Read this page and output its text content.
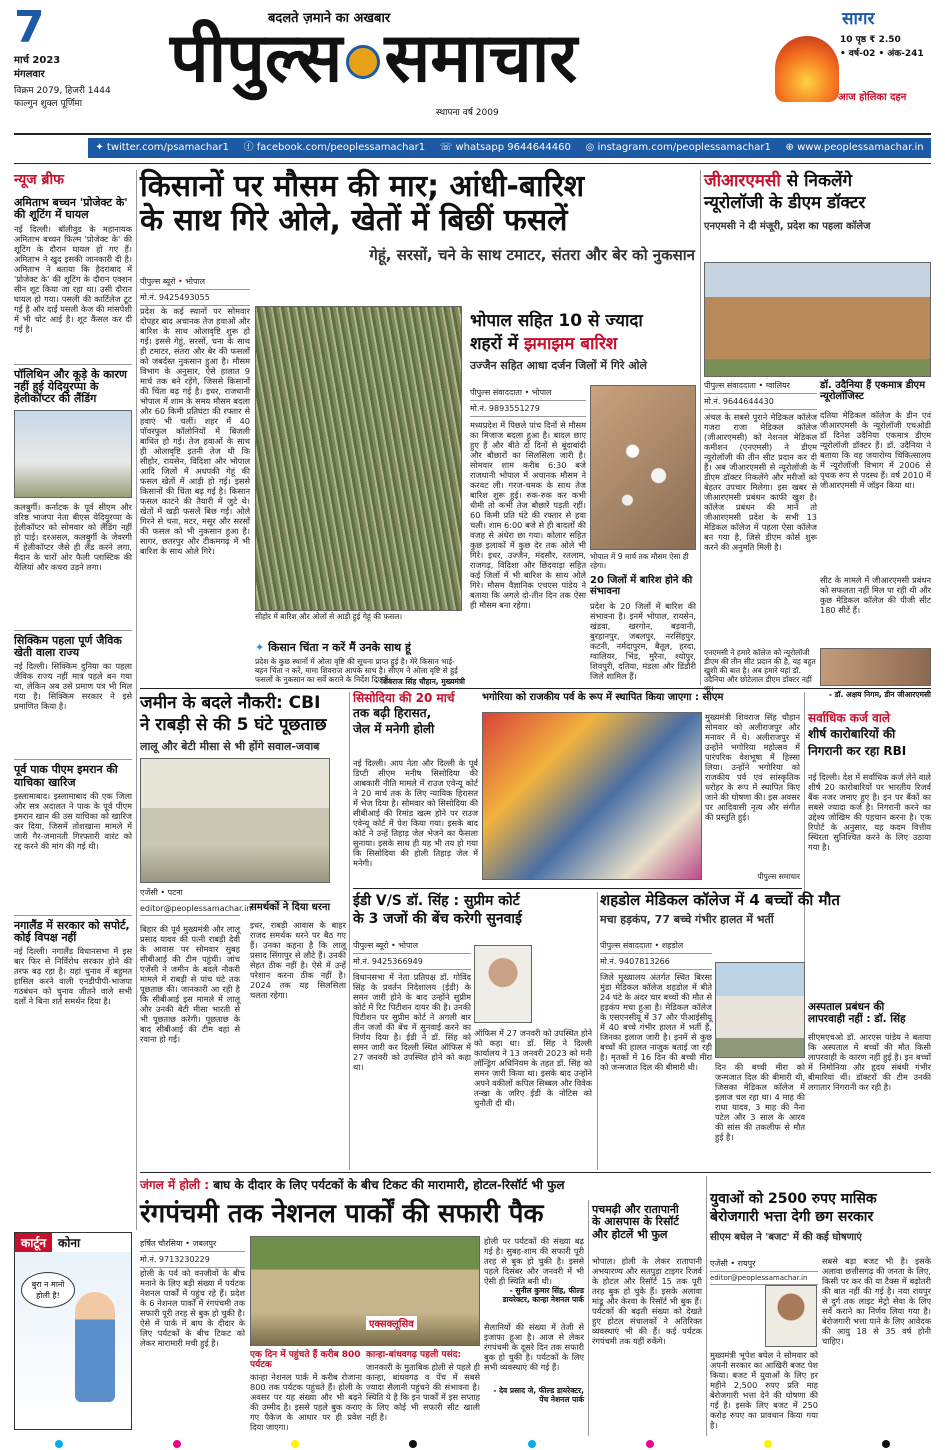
7
मार्च 2023
मंगलवार
विक्रम 2079, हिजरी 1444
फाल्गुन शुक्ल पूर्णिमा
बदलते ज़माने का अखबार
पीपुल्स समाचार
स्थापना वर्ष 2009
सागर
10 पृष्ठ ₹ 2.50
• वर्ष-02 • अंक-241
आज होलिका दहन
✦ twitter.com/psamachar1 ⓕ facebook.com/peoplessamachar1 ☏ whatsapp 9644644460 ◎ instagram.com/peoplessamachar1 ⊕ www.peoplessamachar.in
न्यूज ब्रीफ
अमिताभ बच्चन 'प्रोजेक्ट के' की शूटिंग में घायल
नई दिल्ली। बॉलीवुड के महानायक अमिताभ बच्चन फिल्म 'प्रोजेक्ट के' की शूटिंग के दौरान घायल हो गए हैं। अमिताभ ने खुद इसकी जानकारी दी है। अमिताभ ने बताया कि हैदराबाद में 'प्रोजेक्ट के' की शूटिंग के दौरान एक्शन सीन शूट किया जा रहा था। उसी दौरान घायल हो गया। पसली की कार्टिलेज टूट गई है और दाईं पसली केज की मांसपेशी में भी चोट आई है। शूट कैंसल कर दी गई है।
पॉलिथिन और कूड़े के कारण नहीं हुई येदियुरप्पा के हेलीकॉप्टर की लैंडिंग
कलबुर्गी। कर्नाटक के पूर्व सीएम और वरिष्ठ भाजपा नेता बीएस येदियुरप्पा के हेलीकॉप्टर को सोमवार को लैंडिंग नहीं हो पाई। दरअसल, कलबुर्गी के जेवरगी में हेलीकॉप्टर जैसे ही लैंड करने लगा, मैदान के चारों ओर फैली प्लास्टिक की थैलियां और कचरा उड़ने लगा।
सिक्किम पहला पूर्ण जैविक खेती वाला राज्य
नई दिल्ली। सिक्किम दुनिया का पहला जैविक राज्य नहीं मात्र पहले बन गया था, लेकिन अब उसे प्रमाण पत्र भी मिल गया है। सिक्किम सरकार ने इसे प्रमाणित किया है।
पूर्व पाक पीएम इमरान की याचिका खारिज
इस्लामाबाद। इस्लामाबाद की एक जिला और सत्र अदालत ने पाक के पूर्व पीएम इमरान खान की उस याचिका को खारिज कर दिया, जिसमें तोशखाना मामले में जारी गैर-जमानती गिरफ्तारी वारंट को रद्द करने की मांग की गई थी।
नगालैंड में सरकार को सपोर्ट, कोई विपक्ष नहीं
नई दिल्ली। नगालैंड विधानसभा में इस बार फिर से निर्विरोध सरकार होने की तरफ बढ़ रहा है। यहां चुनाव में बहुमत हासिल करने वाली एनडीपीपी-भाजपा गठबंधन को चुनाव जीतने वाले सभी दलों ने बिना शर्त समर्थन दिया है।
किसानों पर मौसम की मार; आंधी-बारिश
के साथ गिरे ओले, खेतों में बिछीं फसलें
गेहूं, सरसों, चने के साथ टमाटर, संतरा और बेर को नुकसान
पीपुल्स ब्यूरो • भोपाल
मो.नं. 9425493055
प्रदेश के कई स्थानों पर सोमवार दोपहर बाद अचानक तेज हवाओं और बारिश के साथ ओलावृष्टि शुरू हो गई। इससे गेहूं, सरसों, चना के साथ ही टमाटर, संतरा और बेर की फसलों को जबर्दस्त नुकसान हुआ है। मौसम विभाग के अनुसार, ऐसे हालात 9 मार्च तक बने रहेंगे, जिससे किसानों की चिंता बढ़ गई है। इधर, राजधानी भोपाल में शाम के समय मौसम बदला और 60 किमी प्रतिघंटा की रफ्तार से हवाएं भी चलीं। शहर में 40 पॉवरफुल कॉलोनियों में बिजली बाधित हो गई। तेज हवाओं के साथ ही ओलावृष्टि इतनी तेज थी कि सीहोर, रायसेन, विदिशा और भोपाल आदि जिलों में अधपकी गेहूं की फसल खेतों में आड़ी हो गई। इससे किसानों की चिंता बढ़ गई है। किसान फसल काटने की तैयारी में जुटे थे। खेतों में खड़ी फसलें बिछ गईं। ओले गिरने से चना, मटर, मसूर और सरसों की फसल को भी नुकसान हुआ है। सागर, छतरपुर और टीकमगढ़ में भी बारिश के साथ ओले गिरे।
सीहोर में बारिश और ओलों से आड़ी हुई गेहूं की फसल।
✦ किसान चिंता न करें मैं उनके साथ हूं
प्रदेश के कुछ स्थानों में ओला वृष्टि की सूचना प्राप्त हुई है। मेरे किसान भाई-बहन चिंता न करें, मामा शिवराज आपके साथ है। सीएम ने ओला वृष्टि से हुई फसलों के नुकसान का सर्वे कराने के निर्देश दिए हैं।
- शिवराज सिंह चौहान, मुख्यमंत्री
भोपाल सहित 10 से ज्यादा
शहरों में झमाझम बारिश
उज्जैन सहित आधा दर्जन जिलों में गिरे ओले
पीपुल्स संवाददाता • भोपाल
मो.नं. 9893551279
मध्यप्रदेश में पिछले पांच दिनों से मौसम का मिजाज बदला हुआ है। बादल छाए हुए हैं और बीते दो दिनों से बूंदाबांदी और बौछारों का सिलसिला जारी है। सोमवार शाम करीब 6:30 बजे राजधानी भोपाल में अचानक मौसम ने करवट ली। गरज-चमक के साथ तेज बारिश शुरू हुई। रुक-रुक कर कभी धीमी तो कभी तेज बौछारें पड़ती रहीं। 60 किमी प्रति घंटे की रफ्तार से हवा चली। शाम 6:00 बजे से ही बादलों की वजह से अंधेरा छा गया। कोलार सहित कुछ इलाकों में कुछ देर तक ओले भी गिरे। इधर, उज्जैन, मंदसौर, रतलाम, राजगढ़, विदिशा और छिंदवाड़ा सहित कई जिलों में भी बारिश के साथ ओले गिरे। मौसम वैज्ञानिक एचएस पांडेय ने बताया कि अगले दो-तीन दिन तक ऐसा ही मौसम बना रहेगा।
भोपाल में 9 मार्च तक मौसम ऐसा ही रहेगा।
20 जिलों में बारिश होने की संभावना
प्रदेश के 20 जिलों में बारिश की संभावना है। इनमें भोपाल, रायसेन, खंडवा, खरगोन, बड़वानी, बुरहानपुर, जबलपुर, नरसिंहपुर, कटनी, नर्मदापुरम, बैतूल, हरदा, ग्वालियर, भिंड, मुरैना, श्योपुर, शिवपुरी, दतिया, मंडला और डिंडौरी जिले शामिल हैं।
जीआरएमसी से निकलेंगे
न्यूरोलॉजी के डीएम डॉक्टर
एनएमसी ने दी मंजूरी, प्रदेश का पहला कॉलेज
पीपुल्स संवाददाता • ग्वालियर
मो.नं. 9644644430
अंचल के सबसे पुराने मेडिकल कॉलेज गजरा राजा मेडिकल कॉलेज (जीआरएमसी) को नेशनल मेडिकल कमीशन (एनएमसी) ने डीएम न्यूरोलॉजी की तीन सीट प्रदान कर दी हैं। अब जीआरएमसी से न्यूरोलॉजी के डीएम डॉक्टर निकलेंगे और मरीजों को बेहतर उपचार मिलेगा। इस खबर से जीआरएमसी प्रबंधन काफी खुश है। कॉलेज प्रबंधन की मानें तो जीआरएमसी प्रदेश के सभी 13 मेडिकल कॉलेज में पहला ऐसा कॉलेज बन गया है, जिसे डीएम कोर्स शुरू करने की अनुमति मिली है।
डॉ. उदैनिया हैं एकमात्र डीएम न्यूरोलॉजिस्ट
दतिया मेडिकल कॉलेज के डीन एवं जीआरएमसी के न्यूरोलॉजी एचओडी डॉ दिनेश उदैनिया एकमात्र डीएम न्यूरोलॉजी डॉक्टर हैं। डॉ. उदैनिया ने बताया कि वह जयारोग्य चिकित्सालय में न्यूरोलॉजी विभाग में 2006 से पृथक रूप से पदस्थ हैं। वर्ष 2010 में जीआरएमसी में जॉइन किया था।
सीट के मामले में जीआरएमसी प्रबंधन को सफलता नहीं मिल पा रही थी और कुछ मेडिकल कॉलेज की पीजी सीट 180 सीटें हैं।
एनएमसी ने हमारे कॉलेज को न्यूरोलॉजी डीएम की तीन सीट प्रदान की है, यह बहुत खुशी की बात है। अब हमारे यहां डॉ. उदैनिया और छोटेलाल डीएम डॉक्टर नहीं
- डॉ. अक्षय निगम, डीन जीआरएमसी
जमीन के बदले नौकरी: CBI
ने राबड़ी से की 5 घंटे पूछताछ
लालू और बेटी मीसा से भी होंगे सवाल-जवाब
एजेंसी • पटना
editor@peoplessamachar.in
बिहार की पूर्व मुख्यमंत्री और लालू प्रसाद यादव की पत्नी राबड़ी देवी के आवास पर सोमवार सुबह सीबीआई की टीम पहुंची। जांच एजेंसी ने जमीन के बदले नौकरी मामले में राबड़ी से पांच घंटे तक पूछताछ की। जानकारी आ रही है कि सीबीआई इस मामले में लालू और उनकी बेटी मीसा भारती से भी पूछताछ करेगी। पूछताछ के बाद सीबीआई की टीम वहां से रवाना हो गई।
समर्थकों ने दिया धरना
इधर, राबड़ी आवास के बाहर राजद समर्थक धरने पर बैठ गए हैं। उनका कहना है कि लालू प्रसाद सिंगापुर से लौटे हैं। उनकी सेहत ठीक नहीं है। ऐसे में उन्हें परेशान करना ठीक नहीं है। 2024 तक यह सिलसिला चलता रहेगा।
सिसोदिया की 20 मार्च
तक बढ़ी हिरासत,
जेल में मनेगी होली
नई दिल्ली। आप नेता और दिल्ली के पूर्व डिप्टी सीएम मनीष सिसोदिया की आबकारी नीति मामले में राउज एवेन्यू कोर्ट ने 20 मार्च तक के लिए न्यायिक हिरासत में भेज दिया है। सोमवार को सिसोदिया की सीबीआई की रिमांड खत्म होने पर राउज एवेन्यू कोर्ट में पेश किया गया। इसके बाद कोर्ट ने उन्हें तिहाड़ जेल भेजने का फैसला सुनाया। इसके साथ ही यह भी तय हो गया कि सिसोदिया की होली तिहाड़ जेल में मनेगी।
भगोरिया को राजकीय पर्व के रूप में स्थापित किया जाएगा : सीएम
मुख्यमंत्री शिवराज सिंह चौहान सोमवार को अलीराजपुर और मनावर में थे। अलीराजपुर में उन्होंने भगोरिया महोत्सव में पारंपरिक वेशभूषा में हिस्सा लिया। उन्होंने भगोरिया को राजकीय पर्व एवं सांस्कृतिक धरोहर के रूप में स्थापित किए जाने की घोषणा की। इस अवसर पर आदिवासी नृत्य और संगीत की प्रस्तुति हुई।
पीपुल्स समाचार
सर्वाधिक कर्ज वाले
शीर्ष कारोबारियों की
निगरानी कर रहा RBI
नई दिल्ली। देश में सर्वाधिक कर्ज लेने वाले शीर्ष 20 कारोबारियों पर भारतीय रिजर्व बैंक नजर जमाए हुए है। इन पर बैंकों का सबसे ज्यादा कर्ज है। निगरानी करने का उद्देश्य जोखिम की पहचान करना है। एक रिपोर्ट के अनुसार, यह कदम वित्तीय स्थिरता सुनिश्चित करने के लिए उठाया गया है।
ईडी V/S डॉ. सिंह : सुप्रीम कोर्ट
के 3 जजों की बेंच करेगी सुनवाई
पीपुल्स ब्यूरो • भोपाल
मो.नं. 9425366949
विधानसभा में नेता प्रतिपक्ष डॉ. गोविंद सिंह के प्रवर्तन निदेशालय (ईडी) के समन जारी होने के बाद उन्होंने सुप्रीम कोर्ट में रिट पिटीशन दायर की है। उनकी पिटीशन पर सुप्रीम कोर्ट ने अगली बार तीन जजों की बेंच में सुनवाई करने का निर्णय दिया है। ईडी ने डॉ. सिंह को समन जारी कर दिल्ली स्थित ऑफिस में 27 जनवरी को उपस्थित होने को कहा था।
ऑफिस में 27 जनवरी को उपस्थित होने को कहा था। डॉ. सिंह ने दिल्ली कार्यालय ने 13 जनवरी 2023 को मनी लॉन्ड्रिंग अधिनियम के तहत डॉ. सिंह को समन जारी किया था। इसके बाद उन्होंने अपने वकीलों कपिल सिब्बल और विवेक तन्खा के जरिए ईडी के नोटिस को चुनौती दी थी।
शहडोल मेडिकल कॉलेज में 4 बच्चों की मौत
मचा हड़कंप, 77 बच्चे गंभीर हालत में भर्ती
पीपुल्स संवाददाता • शहडोल
मो.नं. 9407813266
जिले मुख्यालय अंतर्गत स्थित बिरसा मुंडा मेडिकल कॉलेज शहडोल में बीते 24 घंटे के अंदर चार बच्चों की मौत से हड़कंप मचा हुआ है। मेडिकल कॉलेज के एसएनसीयू में 37 और पीआईसीयू में 40 बच्चे गंभीर हालत में भर्ती हैं, जिनका इलाज जारी है। इनमें से कुछ बच्चों की हालत नाजुक बताई जा रही है। मृतकों में 16 दिन की बच्ची मीरा को जन्मजात दिल की बीमारी थी।	दिन की बच्ची मीरा को जन्मजात दिल की बीमारी थी, जिसका मेडिकल कॉलेज में इलाज चल रहा था। 4 माह की राधा यादव, 3 माह की नैना पटेल और 3 साल के आरव की सांस की तकलीफ से मौत हुई है।
अस्पताल प्रबंधन की
लापरवाही नहीं : डॉ. सिंह
सीएमएचओ डॉ. आरएस पांडेय ने बताया कि अस्पताल में बच्चों की मौत किसी लापरवाही के कारण नहीं हुई है। इन बच्चों में निमोनिया और हृदय संबंधी गंभीर बीमारियां थीं। डॉक्टरों की टीम उनकी लगातार निगरानी कर रही है।
जंगल में होली : बाघ के दीदार के लिए पर्यटकों के बीच टिकट की मारामारी, होटल-रिसॉर्ट भी फुल
रंगपंचमी तक नेशनल पार्कों की सफारी पैक
कार्टून	कोना
बुरा न मानो होली है!
हर्षित चौरसिया • जबलपुर
मो.नं. 9713230229
होली के पर्व को वनजीवों के बीच मनाने के लिए बड़ी संख्या में पर्यटक नेशनल पार्कों में पहुंच रहे हैं। प्रदेश के 6 नेशनल पार्कों में रंगपंचमी तक सफारी पूरी तरह से बुक हो चुकी है। ऐसे में पार्क में बाघ के दीदार के लिए पर्यटकों के बीच टिकट को लेकर मारामारी मची हुई है।
एक्सक्लूसिव
एक दिन में पहुंचते हैं करीब 800 पर्यटक
कान्हा नेशनल पार्क में करीब रोजाना 800 तक पर्यटक पहुंचते हैं। होली के अवसर पर यह संख्या और भी बढ़ने की उम्मीद है। इससे पहले बुक कराए गए पैकेज के आधार पर ही प्रवेश दिया जाएगा।
कान्हा-बांधवगढ़ पहली पसंद:
जानकारी के मुताबिक होली से पहले ही कान्हा, बांधवगढ़ व पेंच में सबसे ज्यादा सैलानी पहुंचने की संभावना है। स्थिति ये है कि इन पार्कों में इस सप्ताह के लिए कोई भी सफारी सीट खाली नहीं है।
होली पर पर्यटकों की संख्या बढ़ गई है। सुबह-शाम की सफारी पूरी तरह से बुक हो चुकी है। इससे पहले दिसंबर और जनवरी में भी ऐसी ही स्थिति बनी थी।
- सुनील कुमार सिंह, फील्ड डायरेक्टर, कान्हा नेशनल पार्क
सैलानियों की संख्या में तेजी से इजाफा हुआ है। आज से लेकर रंगपंचमी के दूसरे दिन तक सफारी बुक हो चुकी है। पर्यटकों के लिए सभी व्यवस्थाएं की गई हैं।
- देव प्रसाद जे, फील्ड डायरेक्टर, पेंच नेशनल पार्क
पचमढ़ी और रातापानी
के आसपास के रिसॉर्ट
और होटलें भी फुल
भोपाल। होली के लेकर रातापानी अभयारण्य और सतपुड़ा टाइगर रिजर्व के होटल और रिसॉर्ट 15 तक पूरी तरह बुक हो चुके हैं। इसके अलावा मांडू और केरवा के रिसॉर्ट भी बुक हैं। पर्यटकों की बढ़ती संख्या को देखते हुए होटल संचालकों ने अतिरिक्त व्यवस्थाएं भी की हैं। कई पर्यटक रंगपंचमी तक यहीं रुकेंगे।
युवाओं को 2500 रुपए मासिक
बेरोजगारी भत्ता देगी छग सरकार
सीएम बघेल ने 'बजट' में की कई घोषणाएं
एजेंसी • रायपुर
editor@peoplessamachar.in
मुख्यमंत्री भूपेश बघेल ने सोमवार को अपनी सरकार का आखिरी बजट पेश किया। बजट में युवाओं के लिए हर महीने 2,500 रुपए प्रति माह बेरोजगारी भत्ता देने की घोषणा की गई है। इसके लिए बजट में 250 करोड़ रुपए का प्रावधान किया गया है।
सबसे बड़ा बजट भी है। इसके अलावा छत्तीसगढ़ की जनता के लिए, किसी पर कर की या टैक्स में बढ़ोतरी की बात नहीं की गई है। नया रायपुर से दुर्ग तक लाइट मेट्रो सेवा के लिए सर्वे कराने का निर्णय लिया गया है। बेरोजगारी भत्ता पाने के लिए आवेदक की आयु 18 से 35 वर्ष होनी चाहिए।
